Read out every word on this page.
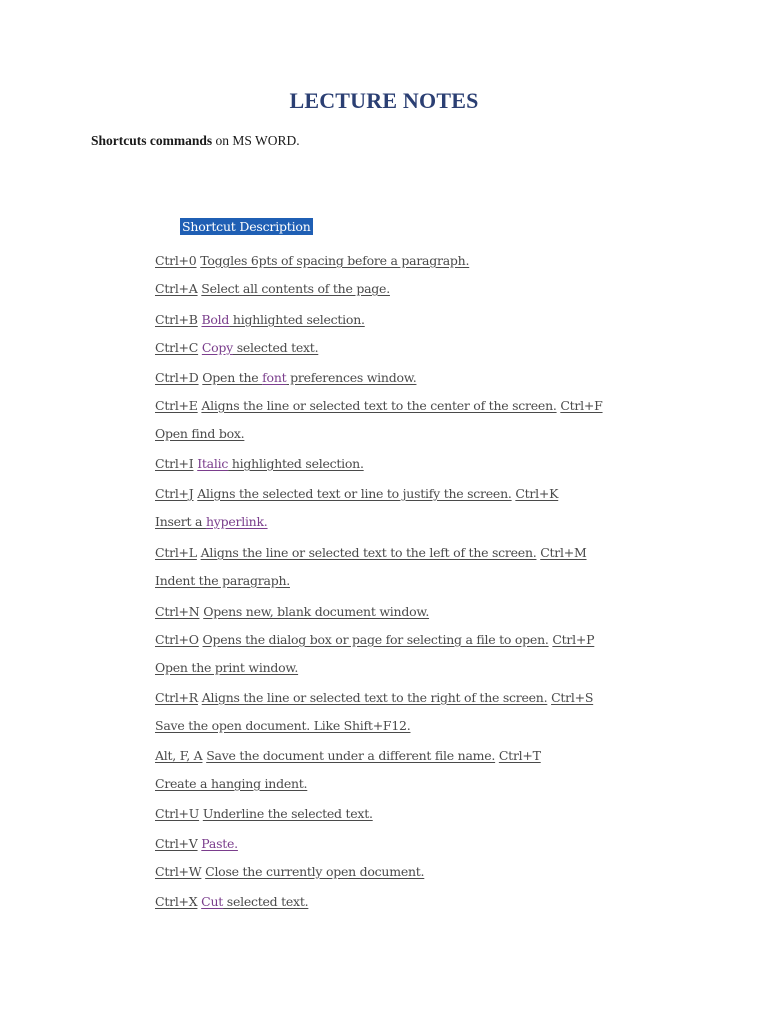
LECTURE NOTES
Shortcuts commands on MS WORD.
Shortcut Description
Ctrl+0 Toggles 6pts of spacing before a paragraph.
Ctrl+A Select all contents of the page.
Ctrl+B Bold highlighted selection.
Ctrl+C Copy selected text.
Ctrl+D Open the font preferences window.
Ctrl+E Aligns the line or selected text to the center of the screen. Ctrl+F
Open find box.
Ctrl+I Italic highlighted selection.
Ctrl+J Aligns the selected text or line to justify the screen. Ctrl+K
Insert a hyperlink.
Ctrl+L Aligns the line or selected text to the left of the screen. Ctrl+M
Indent the paragraph.
Ctrl+N Opens new, blank document window.
Ctrl+O Opens the dialog box or page for selecting a file to open. Ctrl+P
Open the print window.
Ctrl+R Aligns the line or selected text to the right of the screen. Ctrl+S
Save the open document. Like Shift+F12.
Alt, F, A Save the document under a different file name. Ctrl+T
Create a hanging indent.
Ctrl+U Underline the selected text.
Ctrl+V Paste.
Ctrl+W Close the currently open document.
Ctrl+X Cut selected text.
